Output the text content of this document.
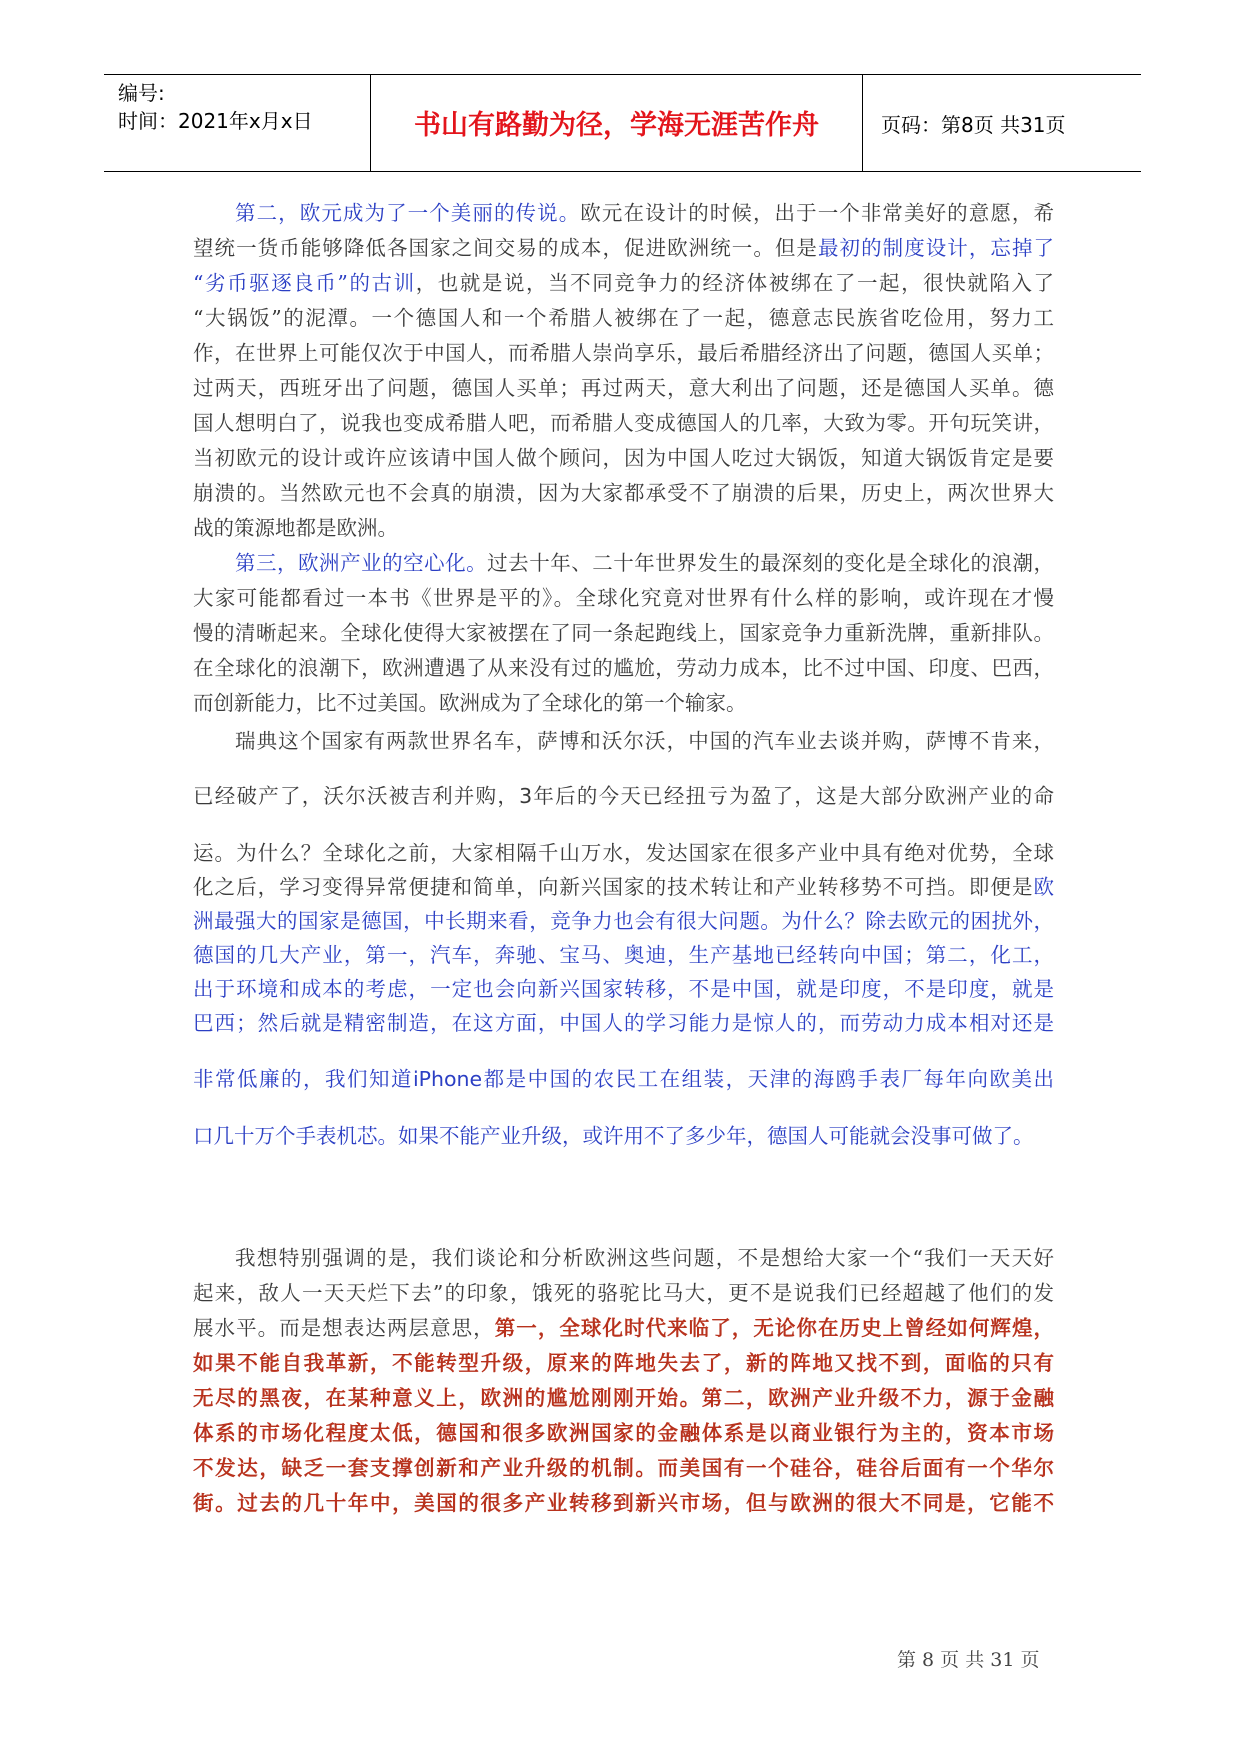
编号:
时间：2021年x月x日	书山有路勤为径，学海无涯苦作舟	页码：第8页 共31页
第二，欧元成为了一个美丽的传说。欧元在设计的时候，出于一个非常美好的意愿，希
望统一货币能够降低各国家之间交易的成本，促进欧洲统一。但是最初的制度设计，忘掉了
“劣币驱逐良币”的古训，也就是说，当不同竞争力的经济体被绑在了一起，很快就陷入了
“大锅饭”的泥潭。一个德国人和一个希腊人被绑在了一起，德意志民族省吃俭用，努力工
作，在世界上可能仅次于中国人，而希腊人崇尚享乐，最后希腊经济出了问题，德国人买单；
过两天，西班牙出了问题，德国人买单；再过两天，意大利出了问题，还是德国人买单。德
国人想明白了，说我也变成希腊人吧，而希腊人变成德国人的几率，大致为零。开句玩笑讲，
当初欧元的设计或许应该请中国人做个顾问，因为中国人吃过大锅饭，知道大锅饭肯定是要
崩溃的。当然欧元也不会真的崩溃，因为大家都承受不了崩溃的后果，历史上，两次世界大
战的策源地都是欧洲。
第三，欧洲产业的空心化。过去十年、二十年世界发生的最深刻的变化是全球化的浪潮，
大家可能都看过一本书《世界是平的》。全球化究竟对世界有什么样的影响，或许现在才慢
慢的清晰起来。全球化使得大家被摆在了同一条起跑线上，国家竞争力重新洗牌，重新排队。
在全球化的浪潮下，欧洲遭遇了从来没有过的尴尬，劳动力成本，比不过中国、印度、巴西，
而创新能力，比不过美国。欧洲成为了全球化的第一个输家。
瑞典这个国家有两款世界名车，萨博和沃尔沃，中国的汽车业去谈并购，萨博不肯来，
已经破产了，沃尔沃被吉利并购，3年后的今天已经扭亏为盈了，这是大部分欧洲产业的命
运。为什么？全球化之前，大家相隔千山万水，发达国家在很多产业中具有绝对优势，全球
化之后，学习变得异常便捷和简单，向新兴国家的技术转让和产业转移势不可挡。即便是欧
洲最强大的国家是德国，中长期来看，竞争力也会有很大问题。为什么？除去欧元的困扰外，
德国的几大产业，第一，汽车，奔驰、宝马、奥迪，生产基地已经转向中国；第二，化工，
出于环境和成本的考虑，一定也会向新兴国家转移，不是中国，就是印度，不是印度，就是
巴西；然后就是精密制造，在这方面，中国人的学习能力是惊人的，而劳动力成本相对还是
非常低廉的，我们知道iPhone都是中国的农民工在组装，天津的海鸥手表厂每年向欧美出
口几十万个手表机芯。如果不能产业升级，或许用不了多少年，德国人可能就会没事可做了。
我想特别强调的是，我们谈论和分析欧洲这些问题，不是想给大家一个“我们一天天好
起来，敌人一天天烂下去”的印象，饿死的骆驼比马大，更不是说我们已经超越了他们的发
展水平。而是想表达两层意思，第一，全球化时代来临了，无论你在历史上曾经如何辉煌，
如果不能自我革新，不能转型升级，原来的阵地失去了，新的阵地又找不到，面临的只有
无尽的黑夜，在某种意义上，欧洲的尴尬刚刚开始。第二，欧洲产业升级不力，源于金融
体系的市场化程度太低，德国和很多欧洲国家的金融体系是以商业银行为主的，资本市场
不发达，缺乏一套支撑创新和产业升级的机制。而美国有一个硅谷，硅谷后面有一个华尔
街。过去的几十年中，美国的很多产业转移到新兴市场，但与欧洲的很大不同是，它能不
第 8 页 共 31 页
